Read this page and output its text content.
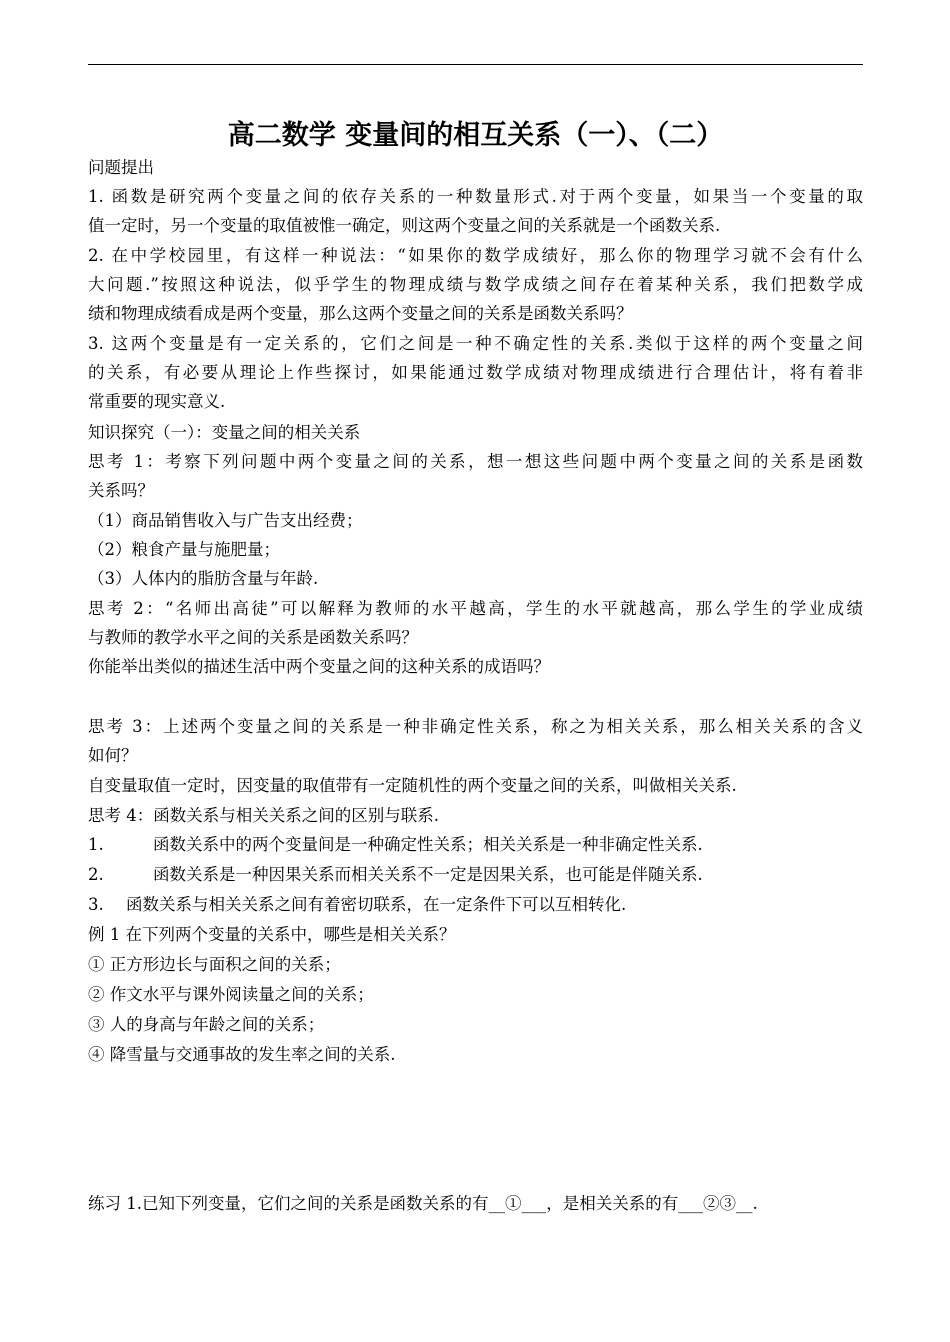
高二数学 变量间的相互关系（一）、（二）
问题提出
1. 函数是研究两个变量之间的依存关系的一种数量形式.对于两个变量，如果当一个变量的取
值一定时，另一个变量的取值被惟一确定，则这两个变量之间的关系就是一个函数关系.
2. 在中学校园里，有这样一种说法：“如果你的数学成绩好，那么你的物理学习就不会有什么
大问题.”按照这种说法，似乎学生的物理成绩与数学成绩之间存在着某种关系，我们把数学成
绩和物理成绩看成是两个变量，那么这两个变量之间的关系是函数关系吗？
3. 这两个变量是有一定关系的，它们之间是一种不确定性的关系.类似于这样的两个变量之间
的关系，有必要从理论上作些探讨，如果能通过数学成绩对物理成绩进行合理估计，将有着非
常重要的现实意义.
知识探究（一）：变量之间的相关关系
思考 1：考察下列问题中两个变量之间的关系，想一想这些问题中两个变量之间的关系是函数
关系吗？
（1）商品销售收入与广告支出经费；
（2）粮食产量与施肥量；
（3）人体内的脂肪含量与年龄.
思考 2：“名师出高徒”可以解释为教师的水平越高，学生的水平就越高，那么学生的学业成绩
与教师的教学水平之间的关系是函数关系吗？
你能举出类似的描述生活中两个变量之间的这种关系的成语吗？
思考 3：上述两个变量之间的关系是一种非确定性关系，称之为相关关系，那么相关关系的含义
如何？
自变量取值一定时，因变量的取值带有一定随机性的两个变量之间的关系，叫做相关关系.
思考 4：函数关系与相关关系之间的区别与联系.
1.	函数关系中的两个变量间是一种确定性关系；相关关系是一种非确定性关系.
2.	函数关系是一种因果关系而相关关系不一定是因果关系，也可能是伴随关系.
3. 函数关系与相关关系之间有着密切联系，在一定条件下可以互相转化.
例 1 在下列两个变量的关系中，哪些是相关关系？
① 正方形边长与面积之间的关系；
② 作文水平与课外阅读量之间的关系；
③ 人的身高与年龄之间的关系；
④ 降雪量与交通事故的发生率之间的关系.
练习 1.已知下列变量，它们之间的关系是函数关系的有__①___，是相关关系的有___②③__.
